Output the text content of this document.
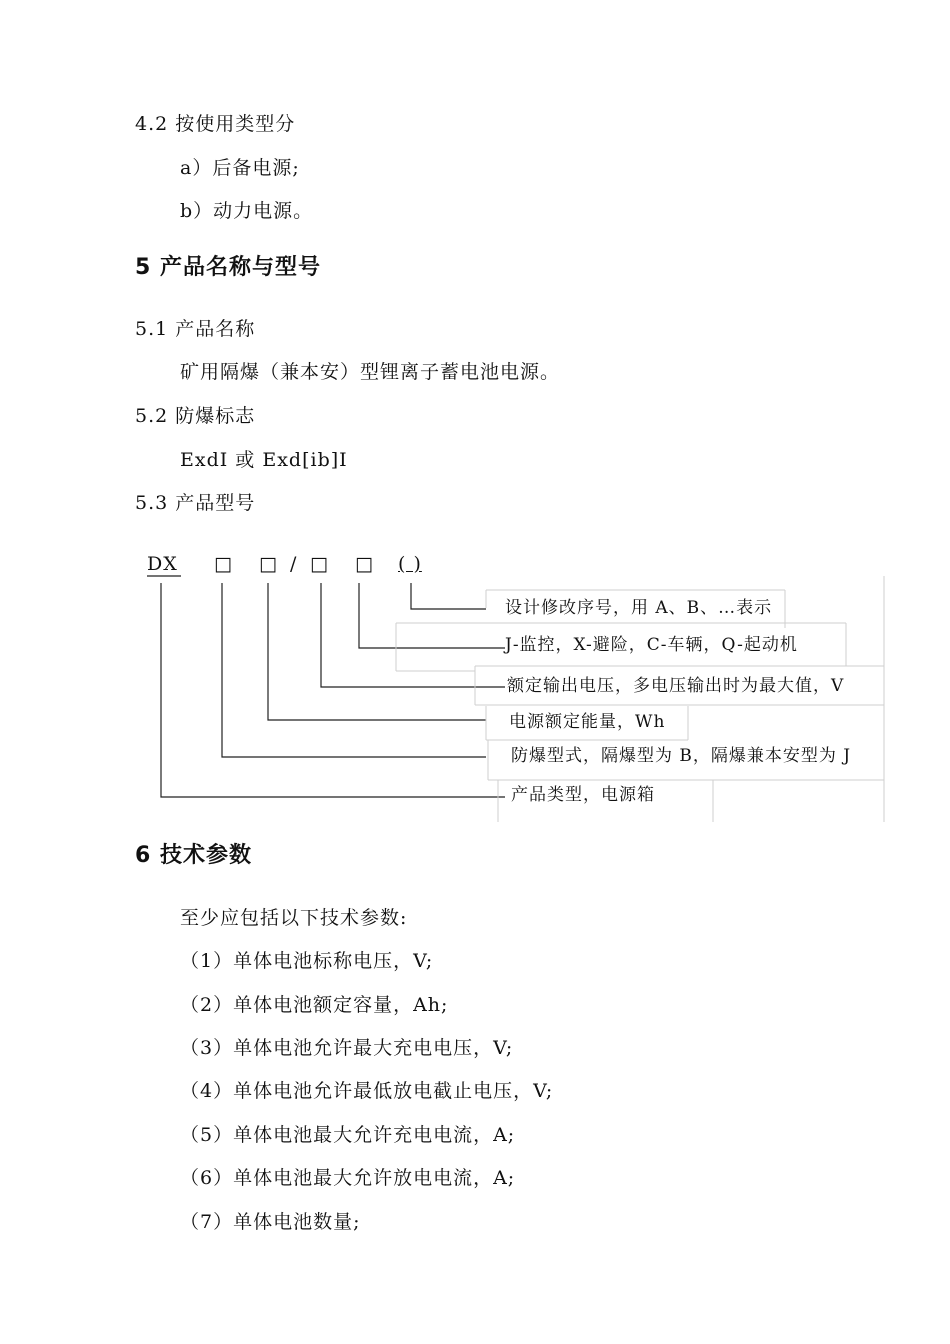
4.2 按使用类型分
a）后备电源;
b）动力电源。
5 产品名称与型号
5.1 产品名称
矿用隔爆（兼本安）型锂离子蓄电池电源。
5.2 防爆标志
ExdI 或 Exd[ib]I
5.3 产品型号
DX □ □ / □ □ ( )
设计修改序号，用 A、B、…表示
J-监控，X-避险，C-车辆，Q-起动机
额定输出电压，多电压输出时为最大值，V
电源额定能量，Wh
防爆型式，隔爆型为 B，隔爆兼本安型为 J
产品类型，电源箱
6 技术参数
至少应包括以下技术参数:
（1）单体电池标称电压，V;
（2）单体电池额定容量，Ah;
（3）单体电池允许最大充电电压，V;
（4）单体电池允许最低放电截止电压，V;
（5）单体电池最大允许充电电流，A;
（6）单体电池最大允许放电电流，A;
（7）单体电池数量;
